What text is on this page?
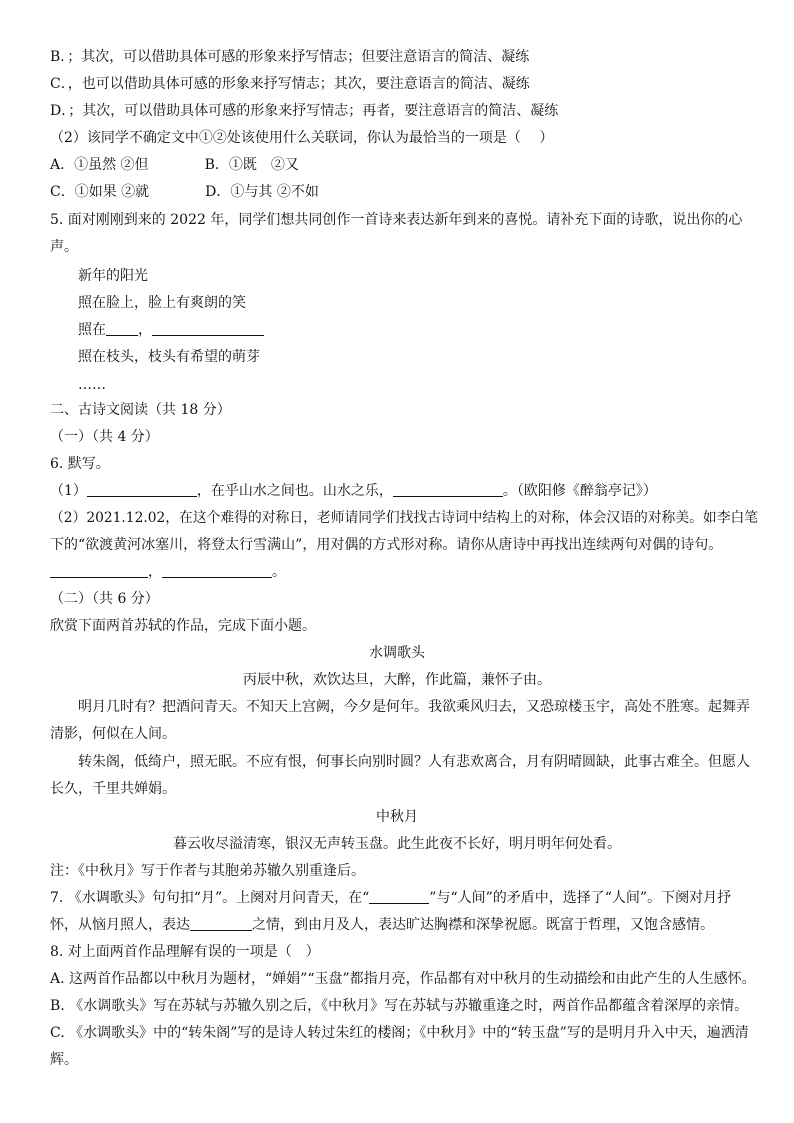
B．；其次，可以借助具体可感的形象来抒写情志；但要注意语言的简洁、凝练
C．，也可以借助具体可感的形象来抒写情志；其次，要注意语言的简洁、凝练
D．；其次，可以借助具体可感的形象来抒写情志；再者，要注意语言的简洁、凝练
（2）该同学不确定文中①②处该使用什么关联词，你认为最恰当的一项是（　 ）
A．①虽然 ②但	B．①既　②又
C．①如果 ②就	D．①与其 ②不如
5. 面对刚刚到来的 2022 年，同学们想共同创作一首诗来表达新年到来的喜悦。请补充下面的诗歌，说出你的心
声。
新年的阳光
照在脸上，脸上有爽朗的笑
照在 ，
照在枝头，枝头有希望的萌芽
……
二、古诗文阅读（共 18 分）
（一）（共 4 分）
6. 默写。
（1）	，在乎山水之间也。山水之乐，	。（欧阳修《醉翁亭记》）
（2）2021.12.02，在这个难得的对称日，老师请同学们找找古诗词中结构上的对称，体会汉语的对称美。如李白笔
下的“欲渡黄河冰塞川，将登太行雪满山”，用对偶的方式形对称。请你从唐诗中再找出连续两句对偶的诗句。
，	。
（二）（共 6 分）
欣赏下面两首苏轼的作品，完成下面小题。
水调歌头
丙辰中秋，欢饮达旦，大醉，作此篇，兼怀子由。
明月几时有？把酒问青天。不知天上宫阙，今夕是何年。我欲乘风归去，又恐琼楼玉宇，高处不胜寒。起舞弄
清影，何似在人间。
转朱阁，低绮户，照无眠。不应有恨，何事长向别时圆？人有悲欢离合，月有阴晴圆缺，此事古难全。但愿人
长久，千里共婵娟。
中秋月
暮云收尽溢清寒，银汉无声转玉盘。此生此夜不长好，明月明年何处看。
注：《中秋月》写于作者与其胞弟苏辙久别重逢后。
7. 《水调歌头》句句扣“月”。上阕对月问青天，在“	”与“人间”的矛盾中，选择了“人间”。下阕对月抒
怀，从恼月照人，表达	之情，到由月及人，表达旷达胸襟和深挚祝愿。既富于哲理，又饱含感情。
8. 对上面两首作品理解有误的一项是（　）
A. 这两首作品都以中秋月为题材，“婵娟”“玉盘”都指月亮，作品都有对中秋月的生动描绘和由此产生的人生感怀。
B. 《水调歌头》写在苏轼与苏辙久别之后，《中秋月》写在苏轼与苏辙重逢之时，两首作品都蕴含着深厚的亲情。
C. 《水调歌头》中的“转朱阁”写的是诗人转过朱红的楼阁；《中秋月》中的“转玉盘”写的是明月升入中天，遍洒清
辉。
